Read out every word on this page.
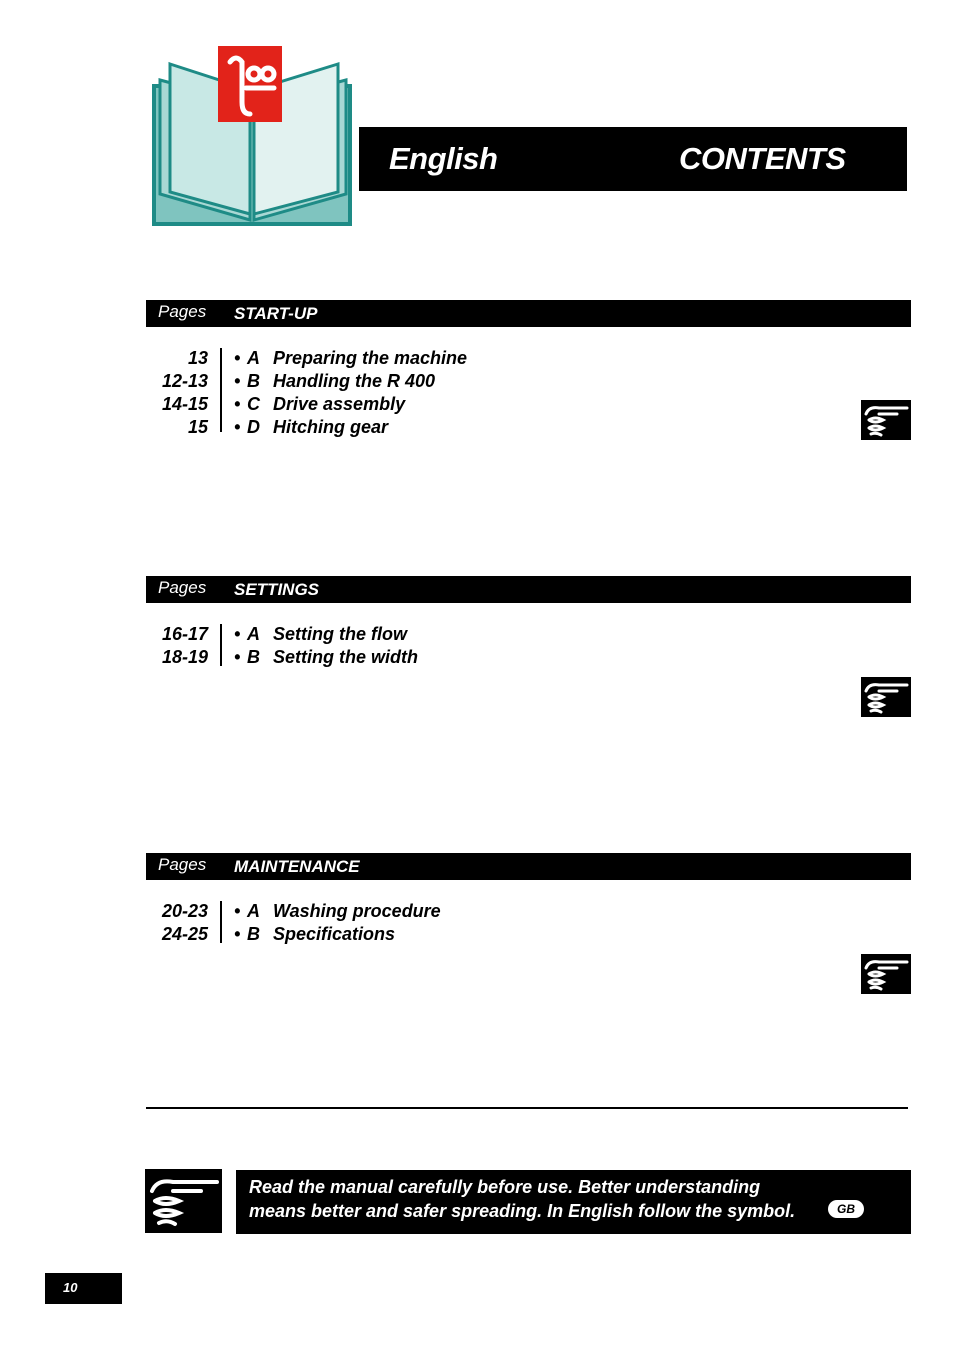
English	CONTENTS
Pages START-UP
13 • A Preparing the machine
12-13 • B Handling the R 400
14-15 • C Drive assembly
15 • D Hitching gear
Pages SETTINGS
16-17 • A Setting the flow
18-19 • B Setting the width
Pages MAINTENANCE
20-23 • A Washing procedure
24-25 • B Specifications
Read the manual carefully before use. Better understanding
means better and safer spreading. In English follow the symbol.	GB
10
